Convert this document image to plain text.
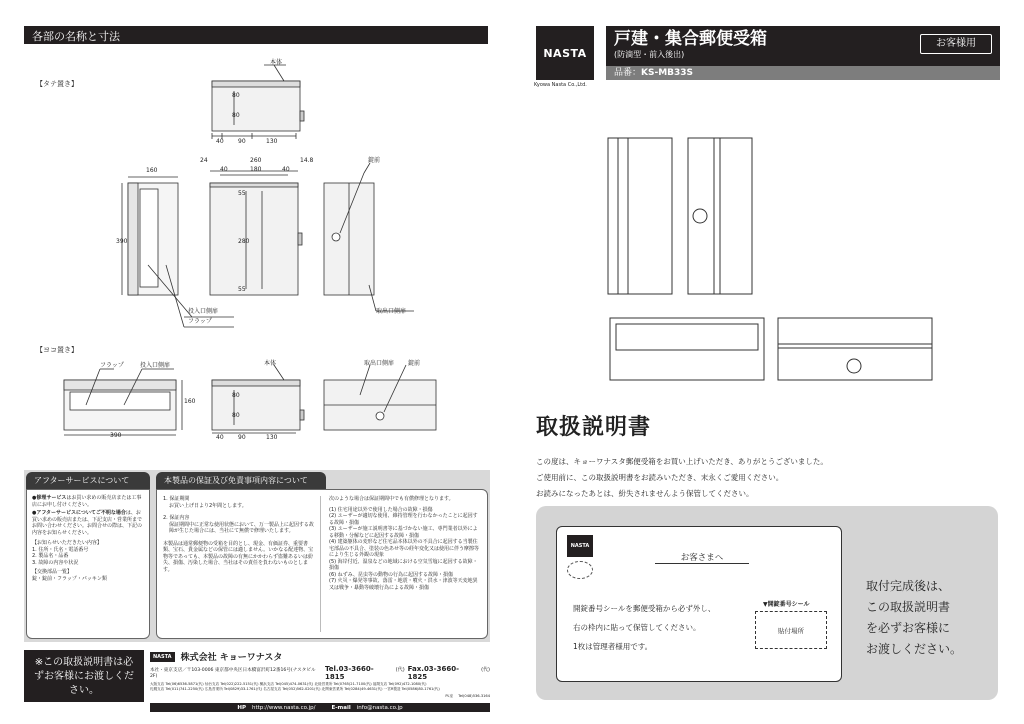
各部の名称と寸法
【タテ置き】
【ヨコ置き】
本体
80
80
40 90	130
160
24	260	14.8
40	180	40
55
280
55
390
錠前
投入口側扉
フラップ
取出口側扉
フラップ	投入口側扉
160
390
本体
80
80
40 90	130
取出口側扉 錠前
アフターサービスについて
●修理サービスはお買い求めの販売店または工事店にお申し付けください。
●アフターサービスについてご不明な場合は、お買い求めの販売店または、下記支店・営業所までお問い合わせください。お問合せの際は、下記の内容をお知らせください。
【お知らせいただきたい内容】
1. 住所・氏名・電話番号
2. 製品名・品番
3. 故障の内容や状況
【交換部品一覧】
錠・錠前・フラップ・パッキン類
本製品の保証及び免責事項内容について
1. 保証期間
お買い上げ日より2年間とします。
2. 保証内容
保証期間中に正常な使用状態において、万一製品上に起因する故障が生じた場合には、当社にて無償で修理いたします。
本製品は通常郵便物の受箱を目的とし、現金、有価証券、重要書類、宝石、貴金属などの保管には適しません。いかなる配達物、宝物等であっても、本製品の故障の有無にかかわらず盗難あるいは紛失、損傷、汚染した場合、当社はその責任を負わないものとします。
次のような場合は保証期間中でも有償修理となります。
(1) 住宅用途以外で使用した場合の故障・損傷
(2) ユーザーが適切な使用、維持管理を行わなかったことに起因する故障・損傷
(3) ユーザーが施工説明書等に基づかない施工、専門業者以外による移動・分解などに起因する故障・損傷
(4) 建築躯体の変形など住宅品本体以外の不具合に起因する当製住宅部品の不具合、塗装の色あせ等の経年変化又は使用に伴う摩擦等により生じる外観の現象
(5) 海岸付近、温泉などの地域における空気雪塩に起因する故障・損傷
(6) ねずみ、昆虫等の動物の行為に起因する故障・損傷
(7) 火災・爆発等事故、落雷・地震・噴火・洪水・津波等天変地異又は戦争・暴動等破壊行為による故障・損傷
※この取扱説明書は必ずお客様にお渡しください。
NASTA	株式会社 キョーワナスタ
本社・東京支店／〒103-0006 東京都中央区日本橋富沢町12番16号(ナスタビル2F)
Tel.03-3660-1815
(代) Fax.03-3660-1825
(代)
大阪支店 Tel(06)6536-5871(代) 仙台支店 Tel(022)222-5151(代) 横浜支店 Tel(045)474-0631(代) 北陸営業所 Tel(0765)21-7100(代) 福岡支店 Tel(092)472-1080(代)
札幌支店 Tel(011)741-2250(代) 広島営業所 Tel(0829)33-1761(代) 名古屋支店 Tel(052)562-0201(代) 北関東営業所 Tel(0284)49-4631(代) 一宮R製造 Tel(0586)80-1761(代)
PL室 Tel(048)536-3164
HP http://www.nasta.co.jp/	E-mail info@nasta.co.jp
NASTA
Kyowa Nasta Co.,Ltd.
戸建・集合郵便受箱
(防滴型・前入後出)
お客様用
品番：KS-MB33S
取扱説明書
この度は、キョーワナスタ郵便受箱をお買い上げいただき、ありがとうございました。
ご使用前に、この取扱説明書をお読みいただき、末永くご愛用ください。
お読みになったあとは、紛失されませんよう保管してください。
NASTA
お客さまへ
開錠番号シールを郵便受箱から必ず外し、
右の枠内に貼って保管してください。
1枚は管理者様用です。
▼開錠番号シール
貼付場所
取付完成後は、
この取扱説明書
を必ずお客様に
お渡しください。
